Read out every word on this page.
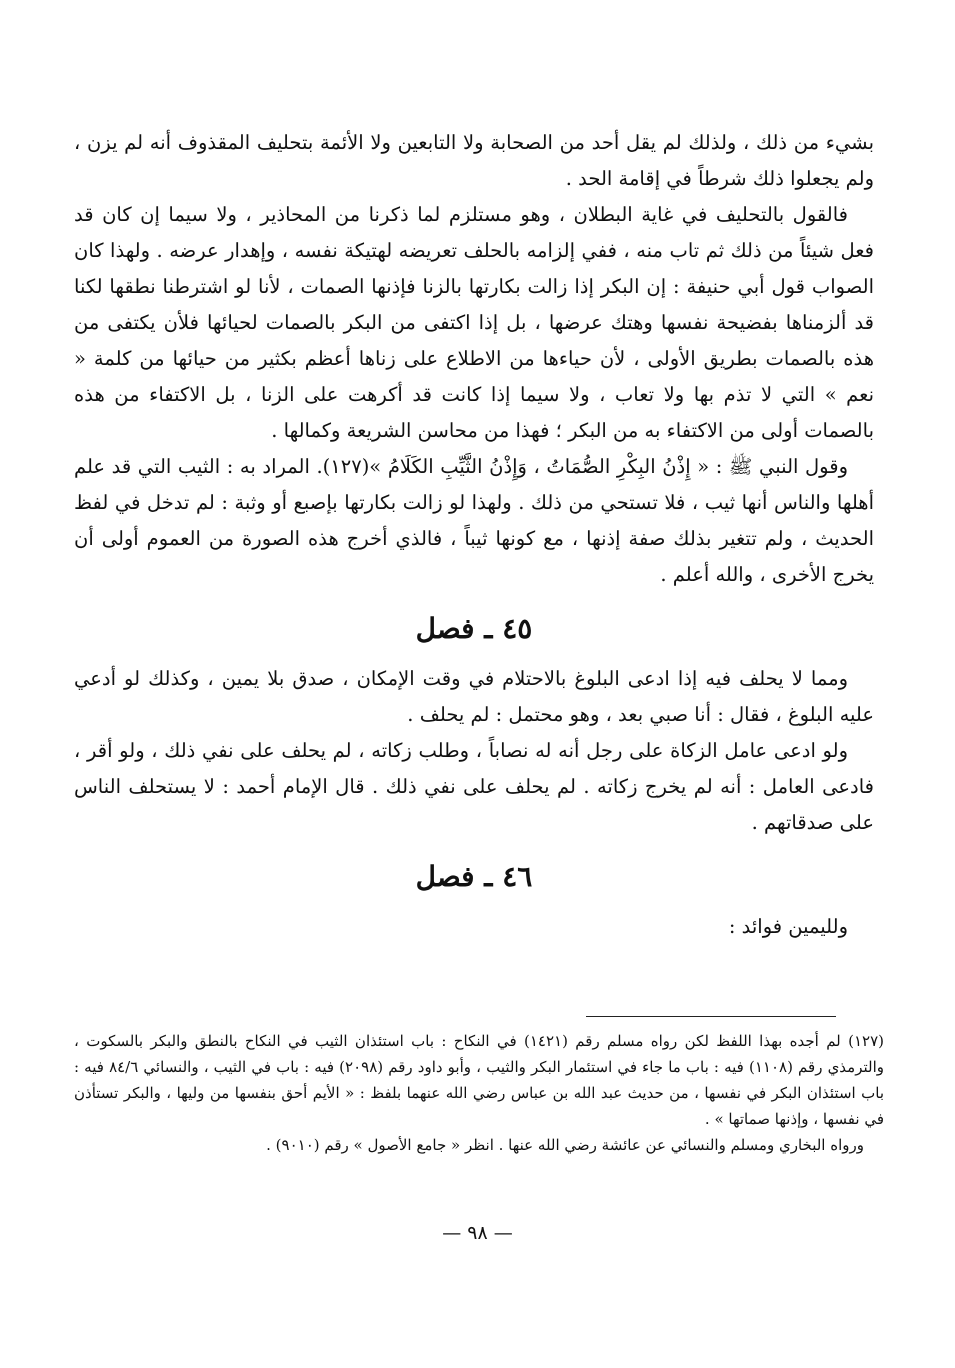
بشيء من ذلك ، ولذلك لم يقل أحد من الصحابة ولا التابعين ولا الأئمة بتحليف المقذوف أنه لم يزن ، ولم يجعلوا ذلك شرطاً في إقامة الحد .

فالقول بالتحليف في غاية البطلان ، وهو مستلزم لما ذكرنا من المحاذير ، ولا سيما إن كان قد فعل شيئاً من ذلك ثم تاب منه ، ففي إلزامه بالحلف تعريضه لهتيكة نفسه ، وإهدار عرضه . ولهذا كان الصواب قول أبي حنيفة : إن البكر إذا زالت بكارتها بالزنا فإذنها الصمات ، لأنا لو اشترطنا نطقها لكنا قد ألزمناها بفضيحة نفسها وهتك عرضها ، بل إذا اكتفى من البكر بالصمات لحيائها فلأن يكتفى من هذه بالصمات بطريق الأولى ، لأن حياءها من الاطلاع على زناها أعظم بكثير من حيائها من كلمة « نعم » التي لا تذم بها ولا تعاب ، ولا سيما إذا كانت قد أكرهت على الزنا ، بل الاكتفاء من هذه بالصمات أولى من الاكتفاء به من البكر ؛ فهذا من محاسن الشريعة وكمالها .

وقول النبي ﷺ : « إِذْنُ البِكْرِ الصُّمَاتُ ، وَإِذْنُ الثَّيِّبِ الكَلَامُ »(١٢٧). المراد به : الثيب التي قد علم أهلها والناس أنها ثيب ، فلا تستحي من ذلك . ولهذا لو زالت بكارتها بإصبع أو وثبة : لم تدخل في لفظ الحديث ، ولم تتغير بذلك صفة إذنها ، مع كونها ثيباً ، فالذي أخرج هذه الصورة من العموم أولى أن يخرج الأخرى ، والله أعلم .

٤٥ ـ فصل

ومما لا يحلف فيه إذا ادعى البلوغ بالاحتلام في وقت الإمكان ، صدق بلا يمين ، وكذلك لو أدعي عليه البلوغ ، فقال : أنا صبي بعد ، وهو محتمل : لم يحلف .

ولو ادعى عامل الزكاة على رجل أنه له نصاباً ، وطلب زكاته ، لم يحلف على نفي ذلك ، ولو أقر ، فادعى العامل : أنه لم يخرج زكاته . لم يحلف على نفي ذلك . قال الإمام أحمد : لا يستحلف الناس على صدقاتهم .

٤٦ ـ فصل

ولليمين فوائد :

(١٢٧) لم أجده بهذا اللفظ لكن رواه مسلم رقم (١٤٢١) في النكاح : باب استئذان الثيب في النكاح بالنطق والبكر بالسكوت ، والترمذي رقم (١١٠٨) فيه : باب ما جاء في استئمار البكر والثيب ، وأبو داود رقم (٢٠٩٨) فيه : باب في الثيب ، والنسائي ٨٤/٦ فيه : باب استئذان البكر في نفسها ، من حديث عبد الله بن عباس رضي الله عنهما بلفظ : « الأيم أحق بنفسها من وليها ، والبكر تستأذن في نفسها ، وإذنها صماتها » .

ورواه البخاري ومسلم والنسائي عن عائشة رضي الله عنها . انظر « جامع الأصول » رقم (٩٠١٠) .

—٩٨—
